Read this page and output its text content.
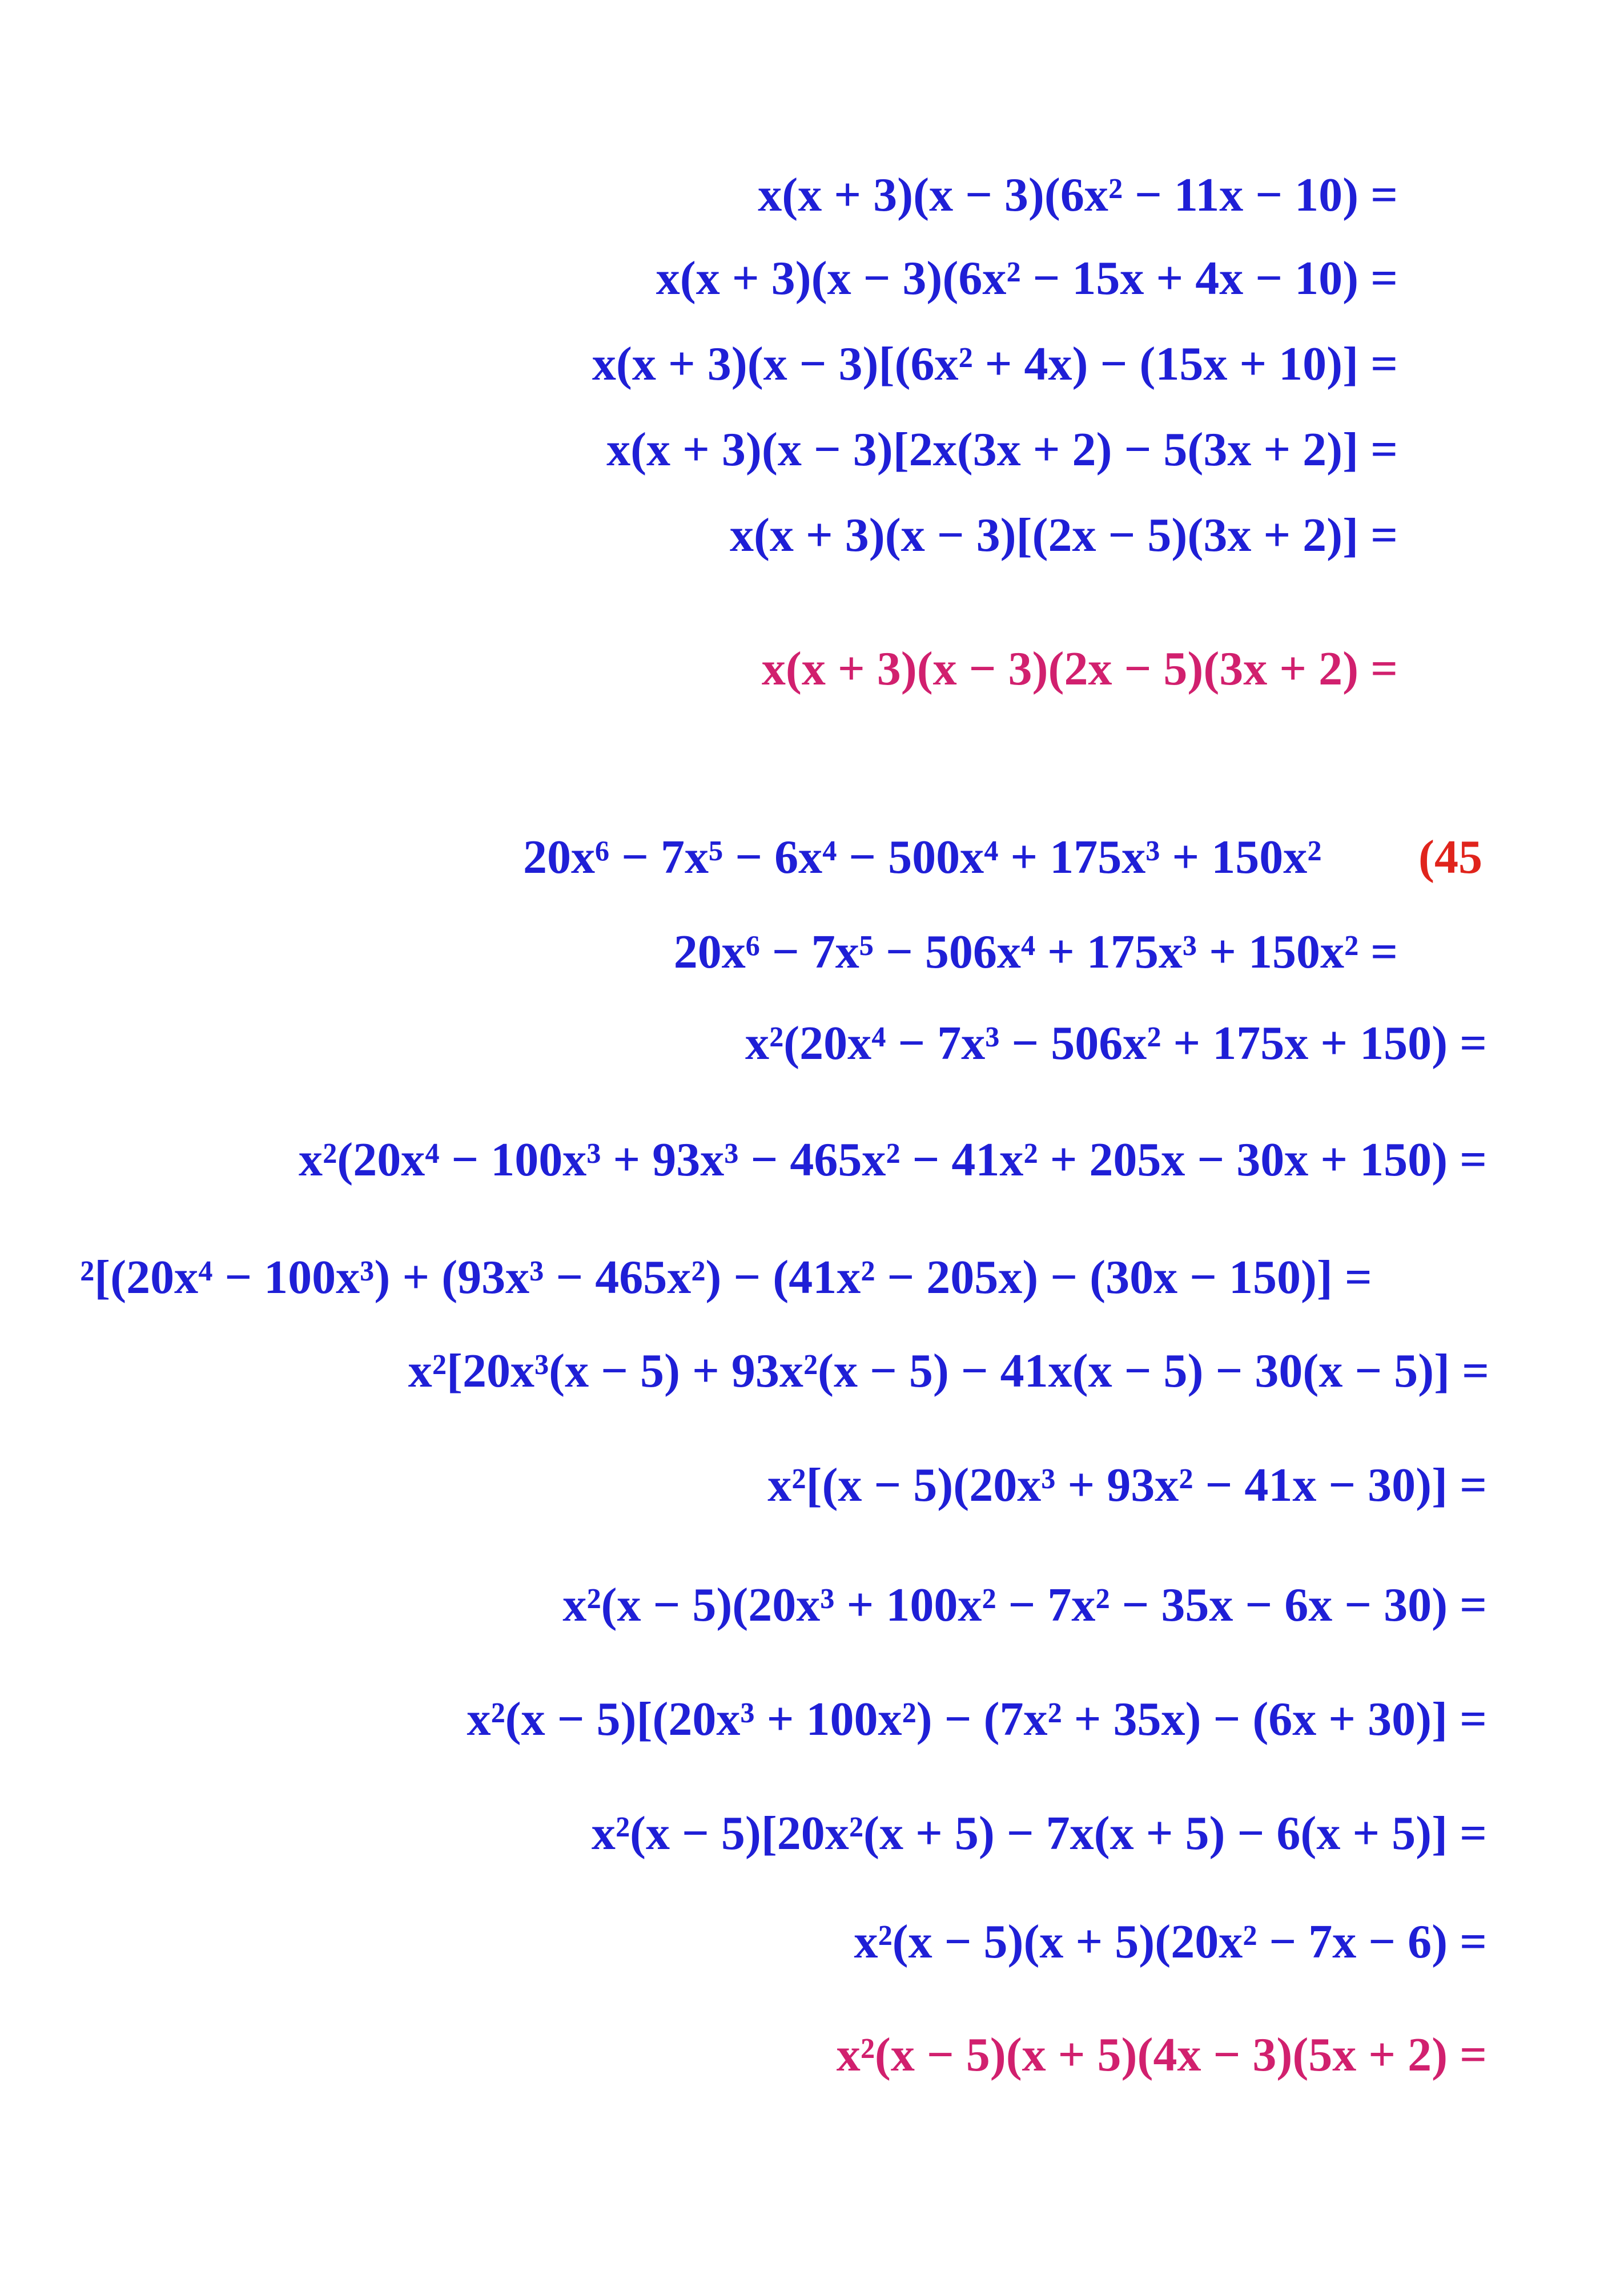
x(x + 3)(x − 3)(6x² − 11x − 10) =
x(x + 3)(x − 3)(6x² − 15x + 4x − 10) =
x(x + 3)(x − 3)[(6x² + 4x) − (15x + 10)] =
x(x + 3)(x − 3)[2x(3x + 2) − 5(3x + 2)] =
x(x + 3)(x − 3)[(2x − 5)(3x + 2)] =
x(x + 3)(x − 3)(2x − 5)(3x + 2) =
20x⁶ − 7x⁵ − 6x⁴ − 500x⁴ + 175x³ + 150x² (45
20x⁶ − 7x⁵ − 506x⁴ + 175x³ + 150x² =
x²(20x⁴ − 7x³ − 506x² + 175x + 150) =
x²(20x⁴ − 100x³ + 93x³ − 465x² − 41x² + 205x − 30x + 150) =
²[(20x⁴ − 100x³) + (93x³ − 465x²) − (41x² − 205x) − (30x − 150)] =
x²[20x³(x − 5) + 93x²(x − 5) − 41x(x − 5) − 30(x − 5)] =
x²[(x − 5)(20x³ + 93x² − 41x − 30)] =
x²(x − 5)(20x³ + 100x² − 7x² − 35x − 6x − 30) =
x²(x − 5)[(20x³ + 100x²) − (7x² + 35x) − (6x + 30)] =
x²(x − 5)[20x²(x + 5) − 7x(x + 5) − 6(x + 5)] =
x²(x − 5)(x + 5)(20x² − 7x − 6) =
x²(x − 5)(x + 5)(4x − 3)(5x + 2) =
